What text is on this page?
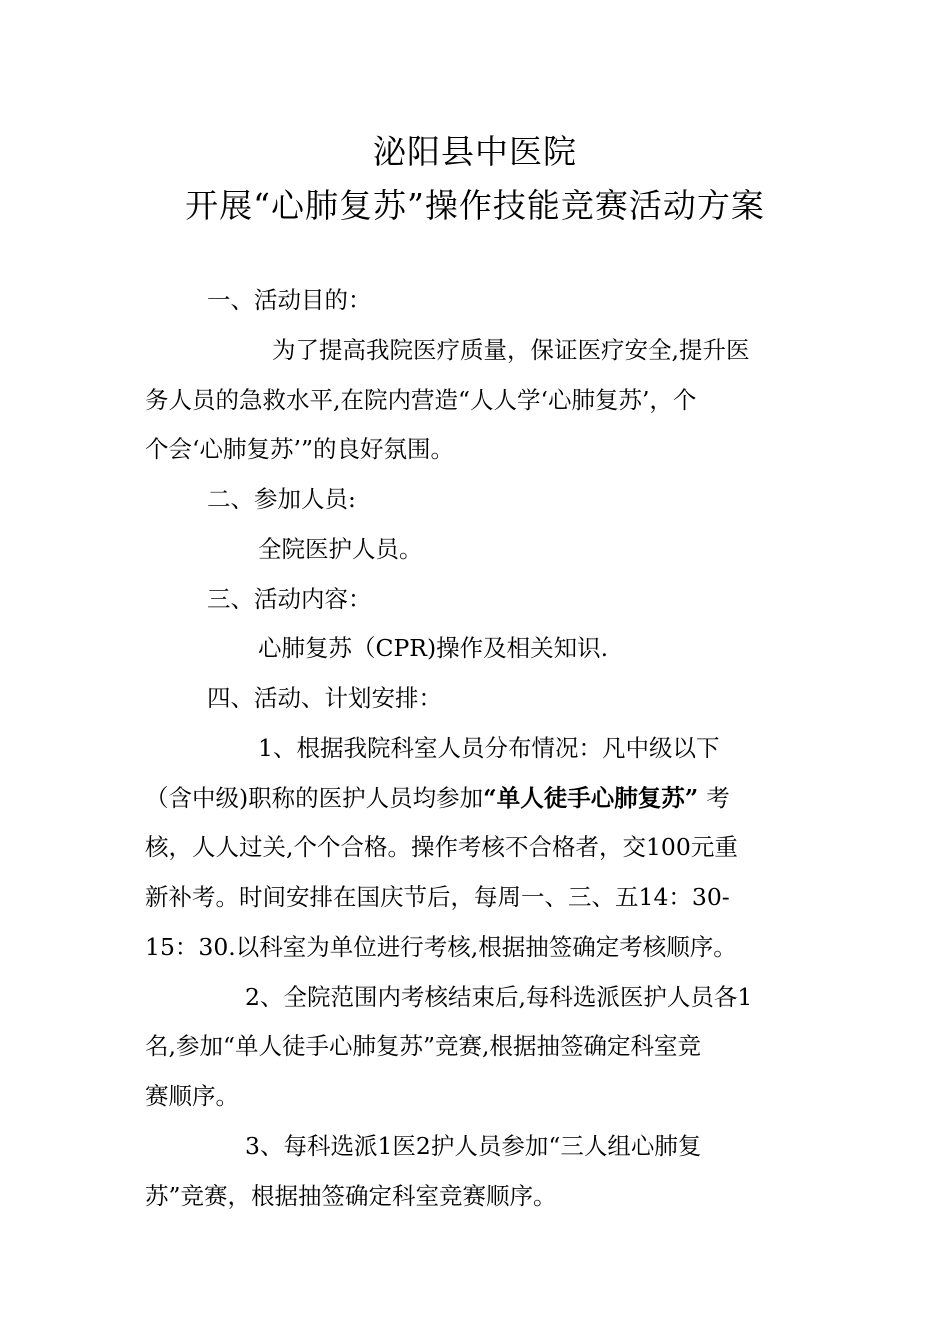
泌阳县中医院
开展“心肺复苏”操作技能竞赛活动方案
一、活动目的：
为了提高我院医疗质量，保证医疗安全,提升医
务人员的急救水平,在院内营造“人人学‘心肺复苏’，个
个会‘心肺复苏’”的良好氛围。
二、参加人员:
全院医护人员。
三、活动内容：
心肺复苏（CPR)操作及相关知识.
四、活动、计划安排：
1、根据我院科室人员分布情况：凡中级以下
（含中级)职称的医护人员均参加“单人徒手心肺复苏” 考
核，人人过关,个个合格。操作考核不合格者，交100元重
新补考。时间安排在国庆节后，每周一、三、五14：30-
15：30.以科室为单位进行考核,根据抽签确定考核顺序。
2、全院范围内考核结束后,每科选派医护人员各1
名,参加“单人徒手心肺复苏”竞赛,根据抽签确定科室竞
赛顺序。
3、每科选派1医2护人员参加“三人组心肺复
苏”竞赛，根据抽签确定科室竞赛顺序。
